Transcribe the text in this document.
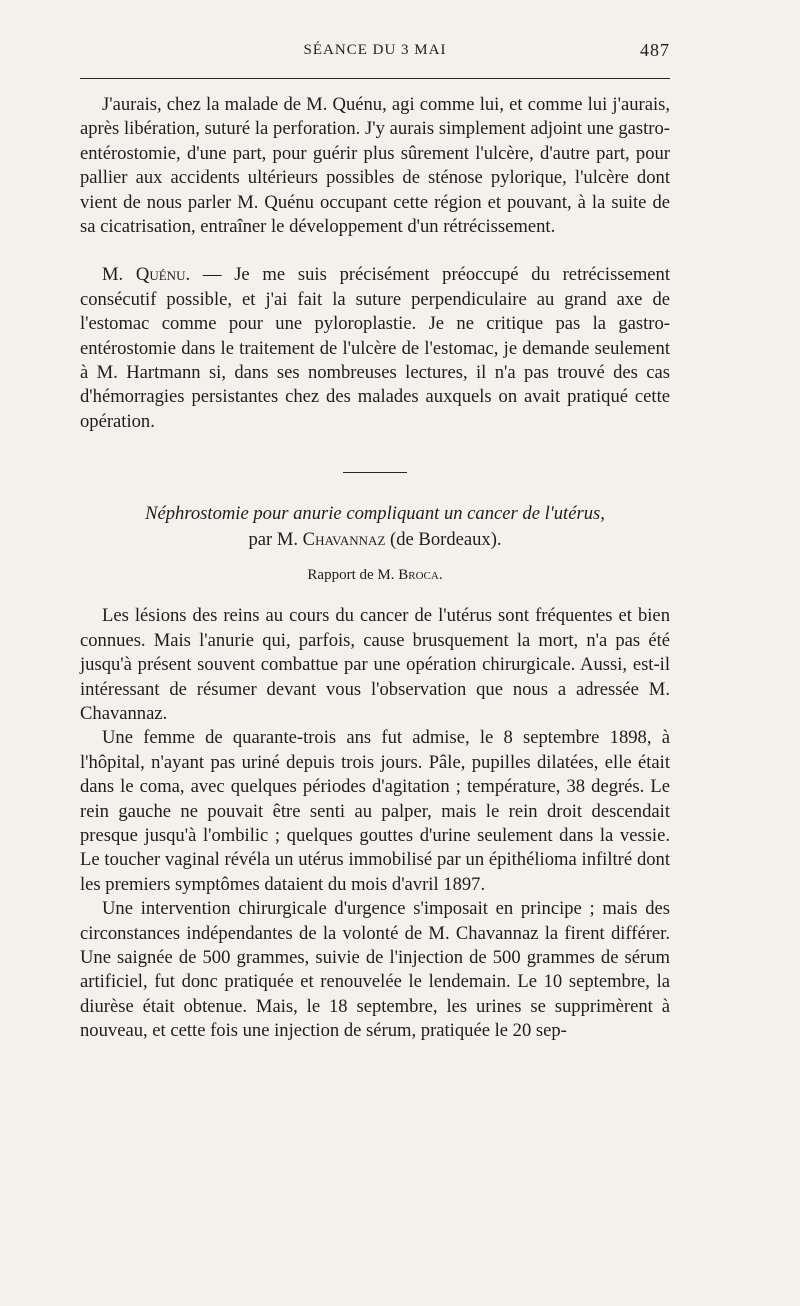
SÉANCE DU 3 MAI	487

J'aurais, chez la malade de M. Quénu, agi comme lui, et comme lui j'aurais, après libération, suturé la perforation. J'y aurais simplement adjoint une gastro-entérostomie, d'une part, pour guérir plus sûrement l'ulcère, d'autre part, pour pallier aux accidents ultérieurs possibles de sténose pylorique, l'ulcère dont vient de nous parler M. Quénu occupant cette région et pouvant, à la suite de sa cicatrisation, entraîner le développement d'un rétrécissement.

M. Quénu. — Je me suis précisément préoccupé du retrécissement consécutif possible, et j'ai fait la suture perpendiculaire au grand axe de l'estomac comme pour une pyloroplastie. Je ne critique pas la gastro-entérostomie dans le traitement de l'ulcère de l'estomac, je demande seulement à M. Hartmann si, dans ses nombreuses lectures, il n'a pas trouvé des cas d'hémorragies persistantes chez des malades auxquels on avait pratiqué cette opération.

Néphrostomie pour anurie compliquant un cancer de l'utérus,
par M. Chavannaz (de Bordeaux).
Rapport de M. Broca.

Les lésions des reins au cours du cancer de l'utérus sont fréquentes et bien connues. Mais l'anurie qui, parfois, cause brusquement la mort, n'a pas été jusqu'à présent souvent combattue par une opération chirurgicale. Aussi, est-il intéressant de résumer devant vous l'observation que nous a adressée M. Chavannaz.

Une femme de quarante-trois ans fut admise, le 8 septembre 1898, à l'hôpital, n'ayant pas uriné depuis trois jours. Pâle, pupilles dilatées, elle était dans le coma, avec quelques périodes d'agitation ; température, 38 degrés. Le rein gauche ne pouvait être senti au palper, mais le rein droit descendait presque jusqu'à l'ombilic ; quelques gouttes d'urine seulement dans la vessie. Le toucher vaginal révéla un utérus immobilisé par un épithélioma infiltré dont les premiers symptômes dataient du mois d'avril 1897.

Une intervention chirurgicale d'urgence s'imposait en principe ; mais des circonstances indépendantes de la volonté de M. Chavannaz la firent différer. Une saignée de 500 grammes, suivie de l'injection de 500 grammes de sérum artificiel, fut donc pratiquée et renouvelée le lendemain. Le 10 septembre, la diurèse était obtenue. Mais, le 18 septembre, les urines se supprimèrent à nouveau, et cette fois une injection de sérum, pratiquée le 20 sep-
